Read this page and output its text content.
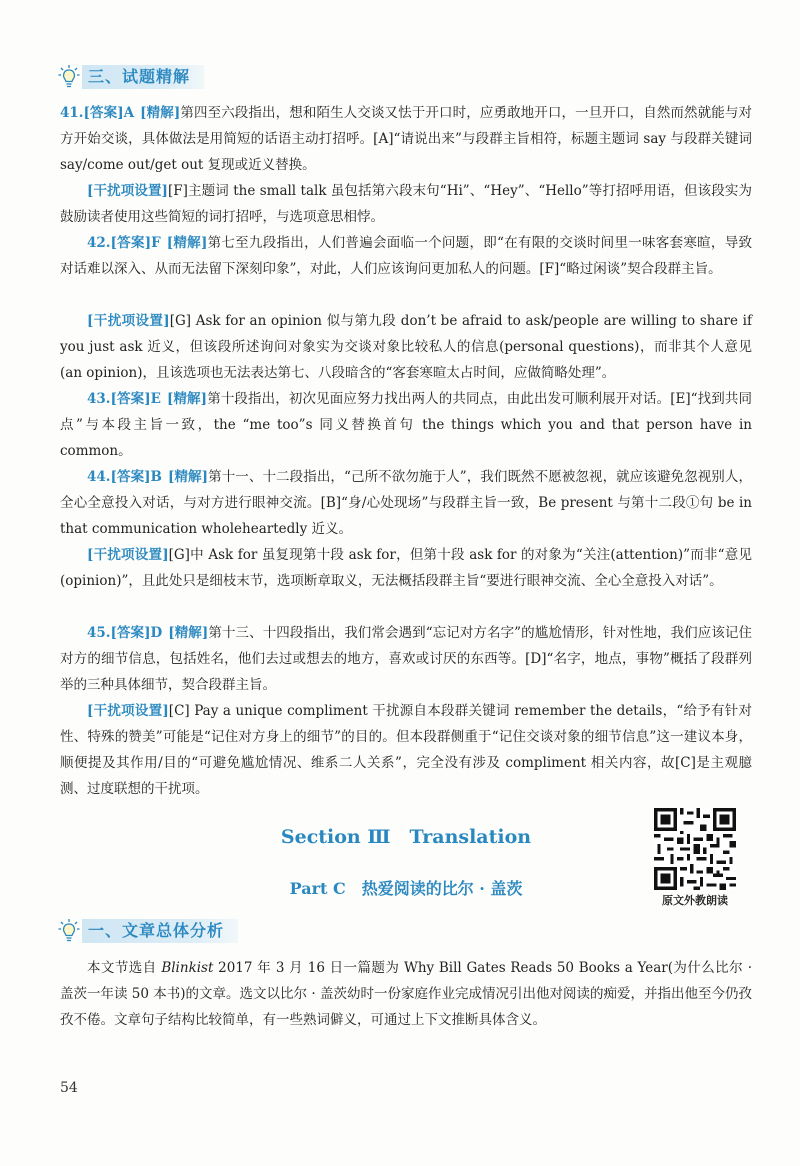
三、试题精解
41.[答案]A [精解]第四至六段指出，想和陌生人交谈又怯于开口时，应勇敢地开口，一旦开口，自然而然就能与对方开始交谈，具体做法是用简短的话语主动打招呼。[A]“请说出来”与段群主旨相符，标题主题词 say 与段群关键词 say/come out/get out 复现或近义替换。
[干扰项设置][F]主题词 the small talk 虽包括第六段末句“Hi”、“Hey”、“Hello”等打招呼用语，但该段实为鼓励读者使用这些简短的词打招呼，与选项意思相悖。
42.[答案]F [精解]第七至九段指出，人们普遍会面临一个问题，即“在有限的交谈时间里一味客套寒暄，导致对话难以深入、从而无法留下深刻印象”，对此，人们应该询问更加私人的问题。[F]“略过闲谈”契合段群主旨。
[干扰项设置][G] Ask for an opinion 似与第九段 don’t be afraid to ask/people are willing to share if you just ask 近义，但该段所述询问对象实为交谈对象比较私人的信息(personal questions)，而非其个人意见(an opinion)，且该选项也无法表达第七、八段暗含的“客套寒暄太占时间，应做简略处理”。
43.[答案]E [精解]第十段指出，初次见面应努力找出两人的共同点，由此出发可顺利展开对话。[E]“找到共同点”与本段主旨一致，the “me too”s 同义替换首句 the things which you and that person have in common。
44.[答案]B [精解]第十一、十二段指出，“己所不欲勿施于人”，我们既然不愿被忽视，就应该避免忽视别人，全心全意投入对话，与对方进行眼神交流。[B]“身/心处现场”与段群主旨一致，Be present 与第十二段①句 be in that communication wholeheartedly 近义。
[干扰项设置][G]中 Ask for 虽复现第十段 ask for，但第十段 ask for 的对象为“关注(attention)”而非“意见(opinion)”，且此处只是细枝末节，选项断章取义，无法概括段群主旨“要进行眼神交流、全心全意投入对话”。
45.[答案]D [精解]第十三、十四段指出，我们常会遇到“忘记对方名字”的尴尬情形，针对性地，我们应该记住对方的细节信息，包括姓名，他们去过或想去的地方，喜欢或讨厌的东西等。[D]“名字，地点，事物”概括了段群列举的三种具体细节，契合段群主旨。
[干扰项设置][C] Pay a unique compliment 干扰源自本段群关键词 remember the details，“给予有针对性、特殊的赞美”可能是“记住对方身上的细节”的目的。但本段群侧重于“记住交谈对象的细节信息”这一建议本身，顺便提及其作用/目的“可避免尴尬情况、维系二人关系”，完全没有涉及 compliment 相关内容，故[C]是主观臆测、过度联想的干扰项。
Section Ⅲ　Translation
Part C　热爱阅读的比尔 · 盖茨
原文外教朗读
一、文章总体分析
本文节选自 Blinkist 2017 年 3 月 16 日一篇题为 Why Bill Gates Reads 50 Books a Year(为什么比尔 · 盖茨一年读 50 本书)的文章。选文以比尔 · 盖茨幼时一份家庭作业完成情况引出他对阅读的痴爱，并指出他至今仍孜孜不倦。文章句子结构比较简单，有一些熟词僻义，可通过上下文推断具体含义。
54
